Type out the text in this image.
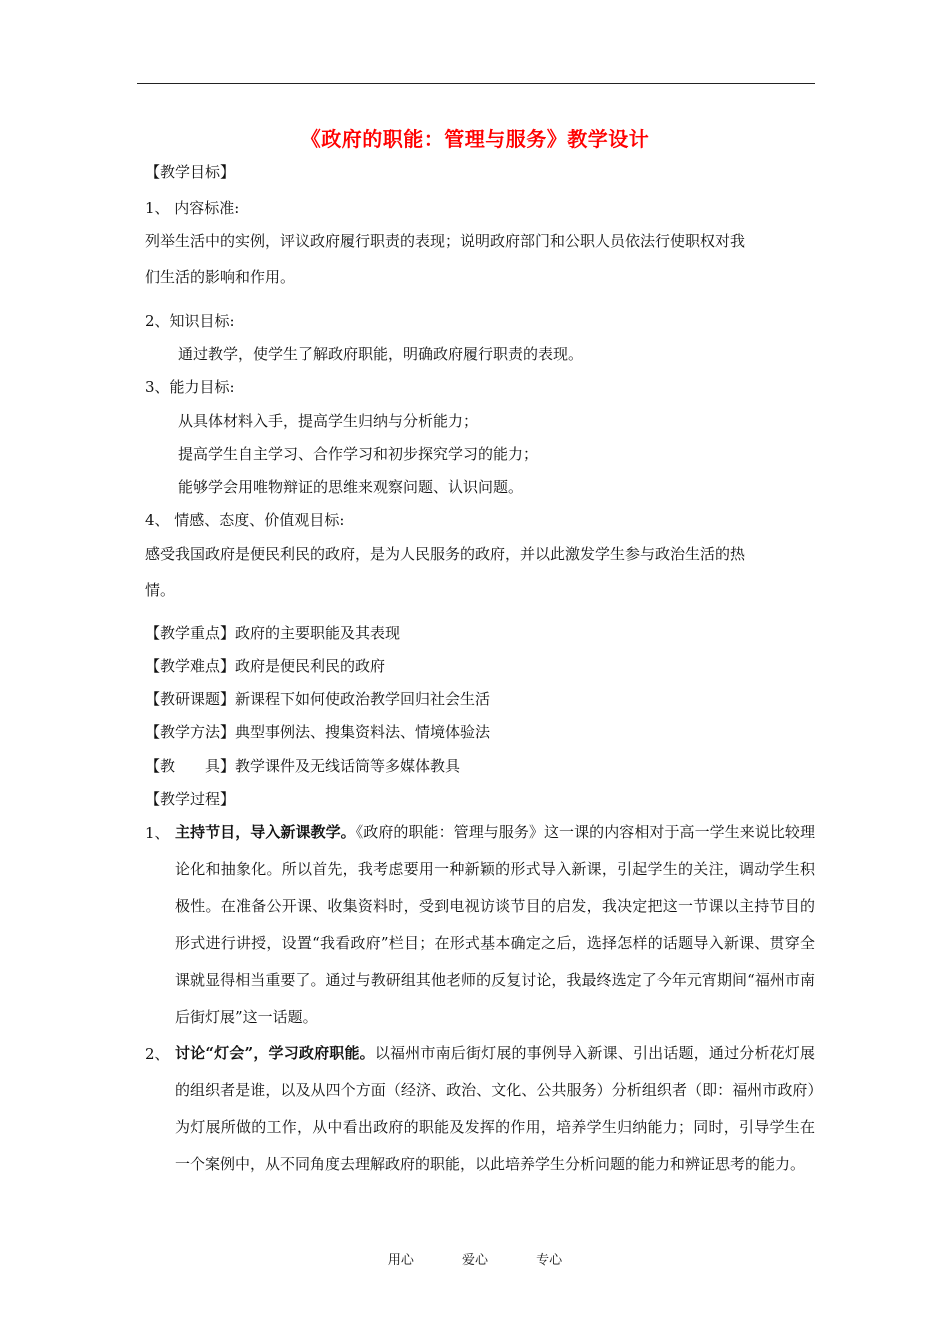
《政府的职能：管理与服务》教学设计
【教学目标】
1、 内容标准:
列举生活中的实例，评议政府履行职责的表现；说明政府部门和公职人员依法行使职权对我
们生活的影响和作用。
2、知识目标:
通过教学，使学生了解政府职能，明确政府履行职责的表现。
3、能力目标:
从具体材料入手，提高学生归纳与分析能力；
提高学生自主学习、合作学习和初步探究学习的能力；
能够学会用唯物辩证的思维来观察问题、认识问题。
4、 情感、态度、价值观目标:
感受我国政府是便民利民的政府，是为人民服务的政府，并以此激发学生参与政治生活的热
情。
【教学重点】政府的主要职能及其表现
【教学难点】政府是便民利民的政府
【教研课题】新课程下如何使政治教学回归社会生活
【教学方法】典型事例法、搜集资料法、情境体验法
【教　　具】教学课件及无线话筒等多媒体教具
【教学过程】
1、 主持节目，导入新课教学。《政府的职能：管理与服务》这一课的内容相对于高一学生来说比较理论化和抽象化。所以首先，我考虑要用一种新颖的形式导入新课，引起学生的关注，调动学生积极性。在准备公开课、收集资料时，受到电视访谈节目的启发，我决定把这一节课以主持节目的形式进行讲授，设置“我看政府”栏目；在形式基本确定之后，选择怎样的话题导入新课、贯穿全课就显得相当重要了。通过与教研组其他老师的反复讨论，我最终选定了今年元宵期间“福州市南后街灯展”这一话题。
2、 讨论“灯会”，学习政府职能。以福州市南后街灯展的事例导入新课、引出话题，通过分析花灯展的组织者是谁，以及从四个方面（经济、政治、文化、公共服务）分析组织者（即：福州市政府）为灯展所做的工作，从中看出政府的职能及发挥的作用，培养学生归纳能力；同时，引导学生在一个案例中，从不同角度去理解政府的职能，以此培养学生分析问题的能力和辨证思考的能力。
用心	爱心	专心
